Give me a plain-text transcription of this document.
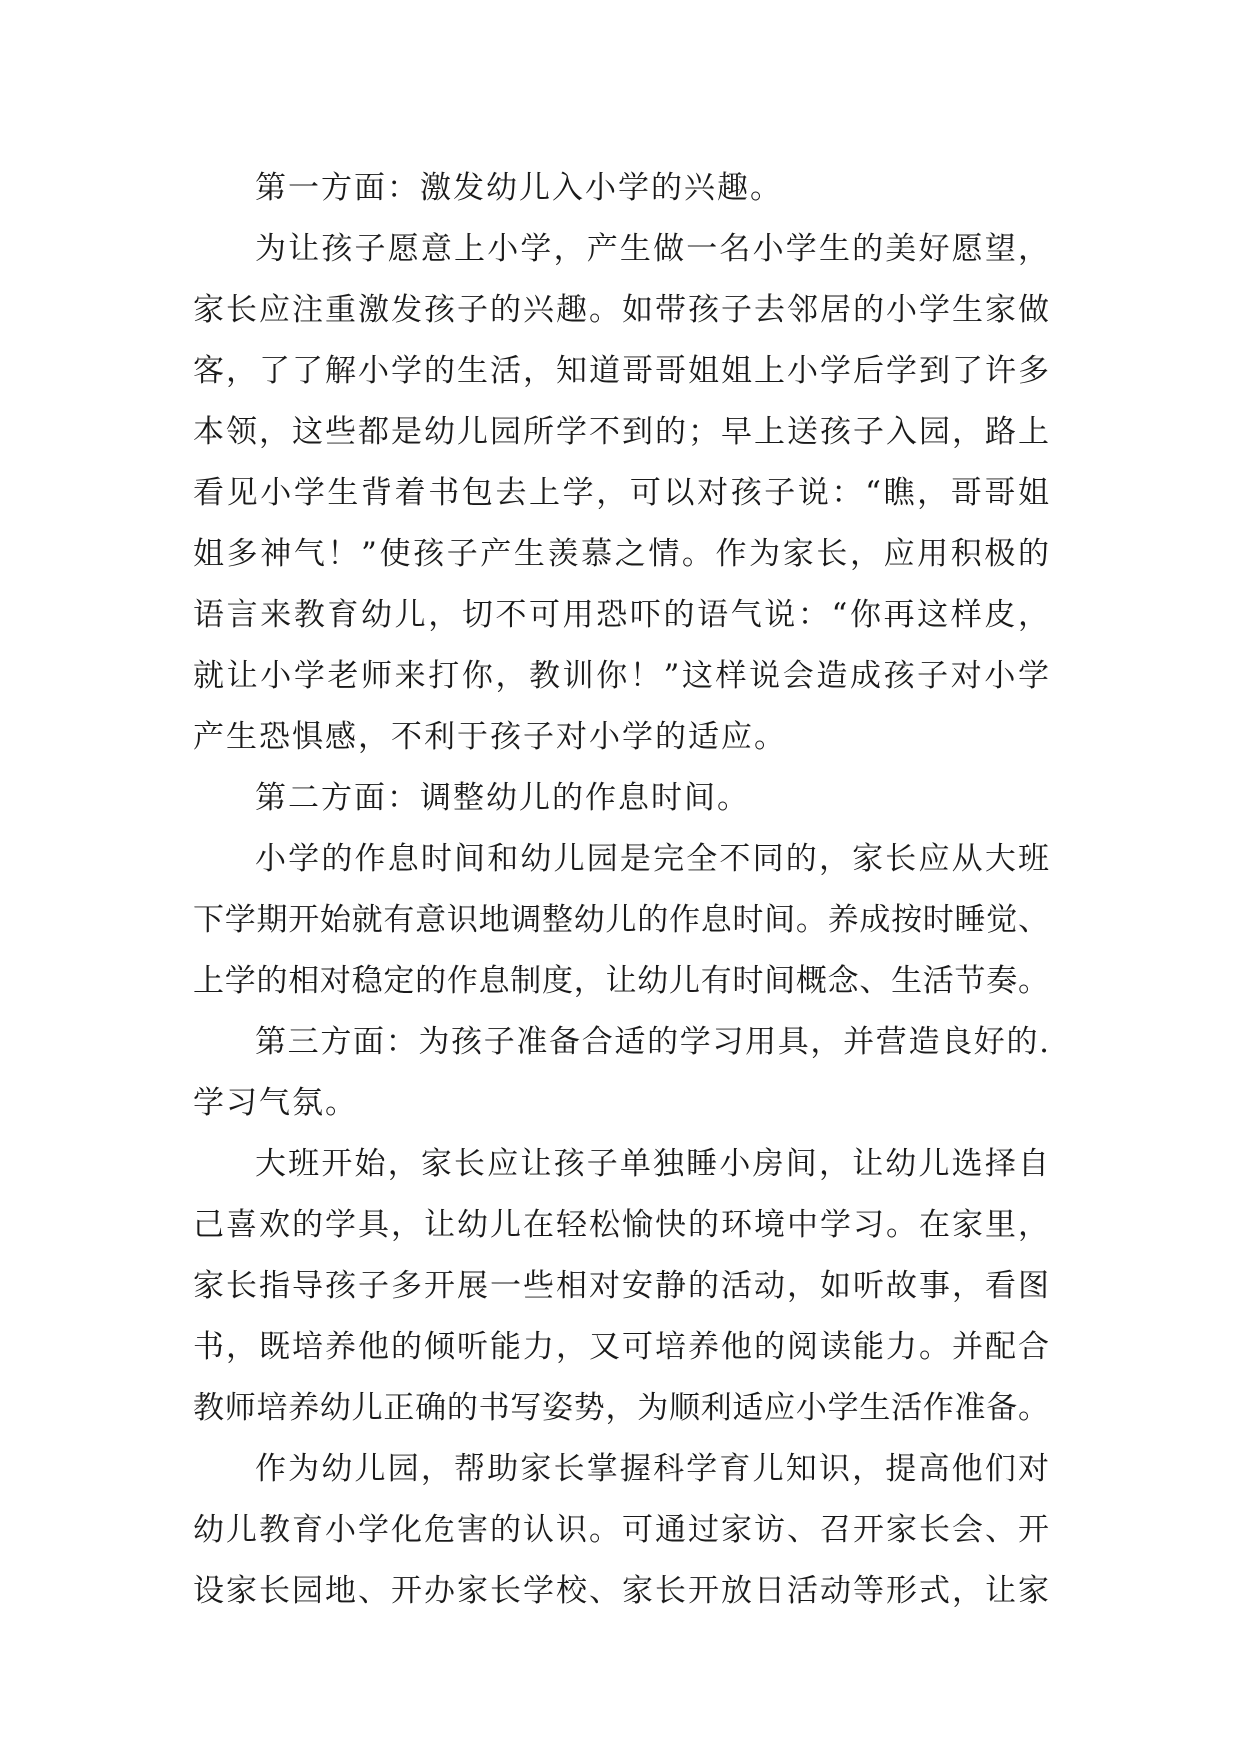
第一方面：激发幼儿入小学的兴趣。
为让孩子愿意上小学，产生做一名小学生的美好愿望，
家长应注重激发孩子的兴趣。如带孩子去邻居的小学生家做
客，了了解小学的生活，知道哥哥姐姐上小学后学到了许多
本领，这些都是幼儿园所学不到的；早上送孩子入园，路上
看见小学生背着书包去上学，可以对孩子说：“瞧，哥哥姐
姐多神气！”使孩子产生羡慕之情。作为家长，应用积极的
语言来教育幼儿，切不可用恐吓的语气说：“你再这样皮，
就让小学老师来打你，教训你！”这样说会造成孩子对小学
产生恐惧感，不利于孩子对小学的适应。
第二方面：调整幼儿的作息时间。
小学的作息时间和幼儿园是完全不同的，家长应从大班
下学期开始就有意识地调整幼儿的作息时间。养成按时睡觉、
上学的相对稳定的作息制度，让幼儿有时间概念、生活节奏。
第三方面：为孩子准备合适的学习用具，并营造良好的.
学习气氛。
大班开始，家长应让孩子单独睡小房间，让幼儿选择自
己喜欢的学具，让幼儿在轻松愉快的环境中学习。在家里，
家长指导孩子多开展一些相对安静的活动，如听故事，看图
书，既培养他的倾听能力，又可培养他的阅读能力。并配合
教师培养幼儿正确的书写姿势，为顺利适应小学生活作准备。
作为幼儿园，帮助家长掌握科学育儿知识，提高他们对
幼儿教育小学化危害的认识。可通过家访、召开家长会、开
设家长园地、开办家长学校、家长开放日活动等形式，让家
